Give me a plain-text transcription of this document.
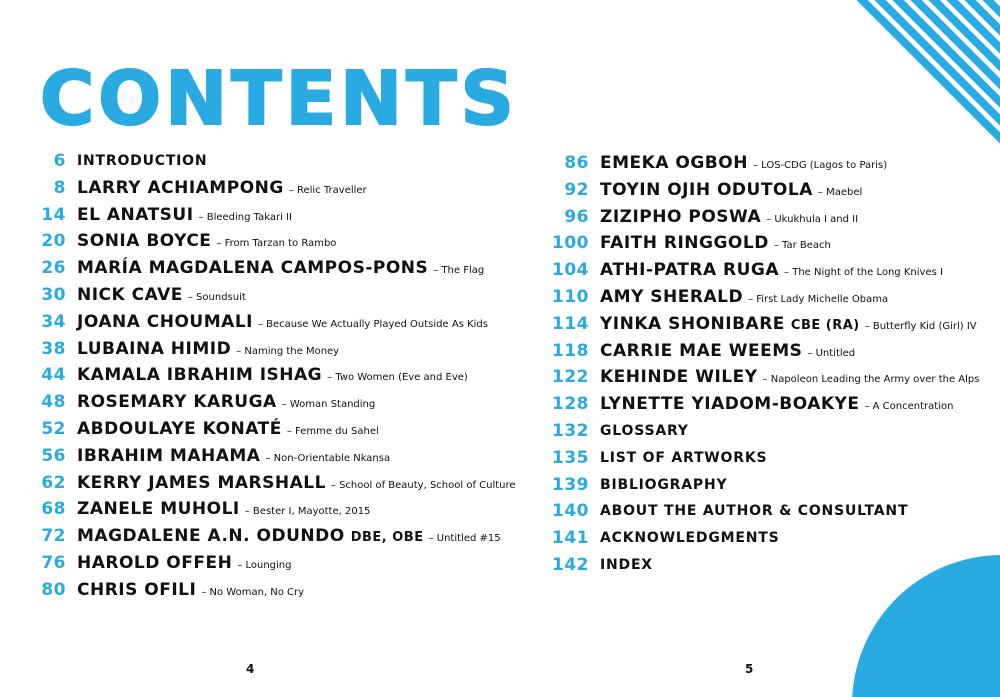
CONTENTS
6 INTRODUCTION
8 LARRY ACHIAMPONG – Relic Traveller
14 EL ANATSUI – Bleeding Takari II
20 SONIA BOYCE – From Tarzan to Rambo
26 MARÍA MAGDALENA CAMPOS-PONS – The Flag
30 NICK CAVE – Soundsuit
34 JOANA CHOUMALI – Because We Actually Played Outside As Kids
38 LUBAINA HIMID – Naming the Money
44 KAMALA IBRAHIM ISHAG – Two Women (Eve and Eve)
48 ROSEMARY KARUGA – Woman Standing
52 ABDOULAYE KONATÉ – Femme du Sahel
56 IBRAHIM MAHAMA – Non-Orientable Nkansa
62 KERRY JAMES MARSHALL – School of Beauty, School of Culture
68 ZANELE MUHOLI – Bester I, Mayotte, 2015
72 MAGDALENE A.N. ODUNDO DBE, OBE – Untitled #15
76 HAROLD OFFEH – Lounging
80 CHRIS OFILI – No Woman, No Cry
86 EMEKA OGBOH – LOS-CDG (Lagos to Paris)
92 TOYIN OJIH ODUTOLA – Maebel
96 ZIZIPHO POSWA – Ukukhula I and II
100 FAITH RINGGOLD – Tar Beach
104 ATHI-PATRA RUGA – The Night of the Long Knives I
110 AMY SHERALD – First Lady Michelle Obama
114 YINKA SHONIBARE CBE (RA) – Butterfly Kid (Girl) IV
118 CARRIE MAE WEEMS – Untitled
122 KEHINDE WILEY – Napoleon Leading the Army over the Alps
128 LYNETTE YIADOM-BOAKYE – A Concentration
132 GLOSSARY
135 LIST OF ARTWORKS
139 BIBLIOGRAPHY
140 ABOUT THE AUTHOR & CONSULTANT
141 ACKNOWLEDGMENTS
142 INDEX
4	5
